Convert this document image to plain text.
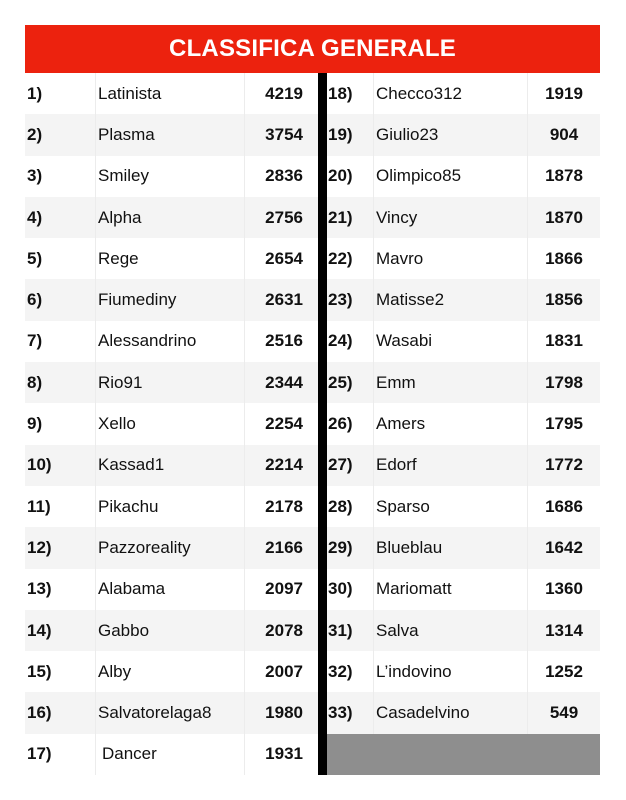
CLASSIFICA GENERALE
1)	Latinista	4219
2)	Plasma	3754
3)	Smiley	2836
4)	Alpha	2756
5)	Rege	2654
6)	Fiumediny	2631
7)	Alessandrino	2516
8)	Rio91	2344
9)	Xello	2254
10)	Kassad1	2214
11)	Pikachu	2178
12)	Pazzoreality	2166
13)	Alabama	2097
14)	Gabbo	2078
15)	Alby	2007
16)	Salvatorelaga8	1980
17)	Dancer	1931
18)	Checco312	1919
19)	Giulio23	904
20)	Olimpico85	1878
21)	Vincy	1870
22)	Mavro	1866
23)	Matisse2	1856
24)	Wasabi	1831
25)	Emm	1798
26)	Amers	1795
27)	Edorf	1772
28)	Sparso	1686
29)	Blueblau	1642
30)	Mariomatt	1360
31)	Salva	1314
32)	L’indovino	1252
33)	Casadelvino	549
